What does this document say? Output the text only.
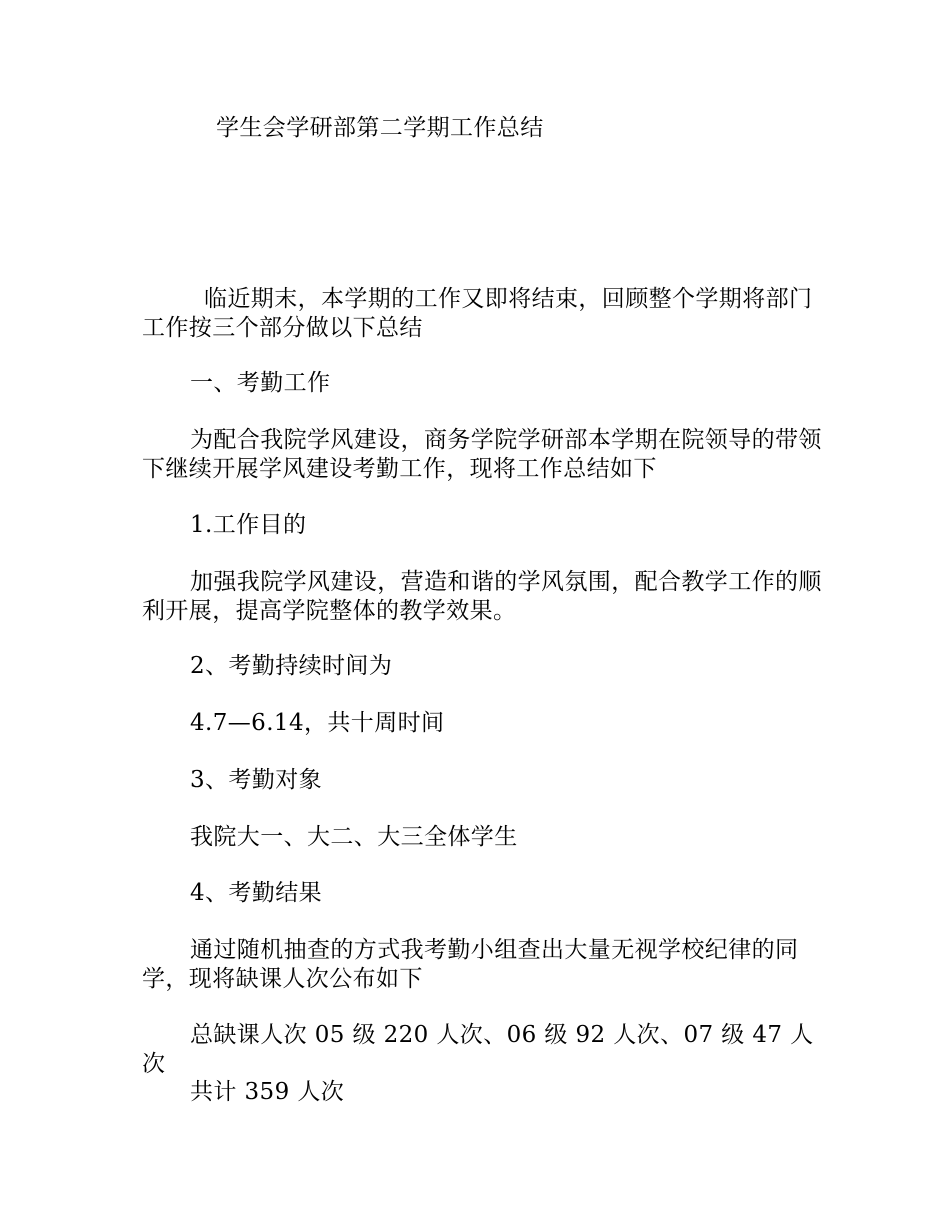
学生会学研部第二学期工作总结
临近期末，本学期的工作又即将结束，回顾整个学期将部门工作按三个部分做以下总结
一、考勤工作
为配合我院学风建设，商务学院学研部本学期在院领导的带领下继续开展学风建设考勤工作，现将工作总结如下
1.工作目的
加强我院学风建设，营造和谐的学风氛围，配合教学工作的顺利开展，提高学院整体的教学效果。
2、考勤持续时间为
4.7—6.14，共十周时间
3、考勤对象
我院大一、大二、大三全体学生
4、考勤结果
通过随机抽查的方式我考勤小组查出大量无视学校纪律的同学，现将缺课人次公布如下
总缺课人次 05 级 220 人次、06 级 92 人次、07 级 47 人次
共计 359 人次
